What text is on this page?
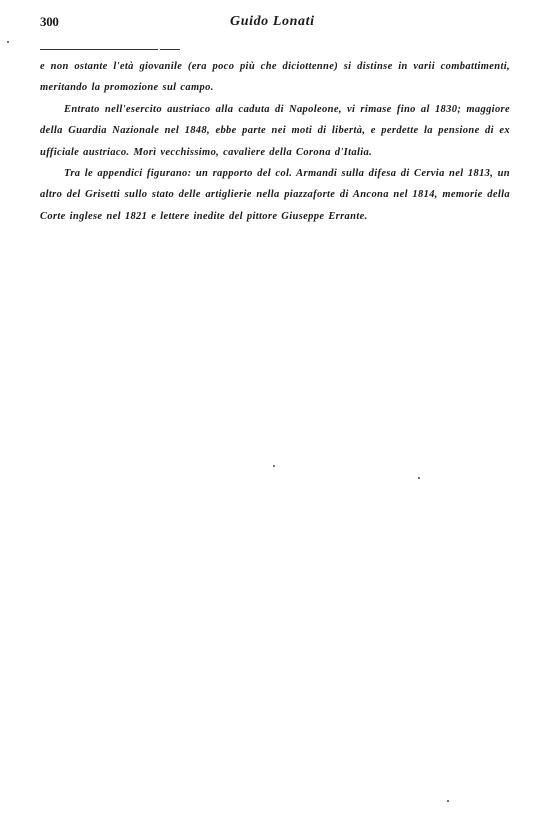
300	Guido Lonati

e non ostante l'età giovanile (era poco più che diciottenne) si distinse in varii combattimenti, meritando la promozione sul campo.

Entrato nell'esercito austriaco alla caduta di Napoleone, vi rimase fino al 1830; maggiore della Guardia Nazionale nel 1848, ebbe parte nei moti di libertà, e perdette la pensione di ex ufficiale austriaco. Morì vecchissimo, cavaliere della Corona d'Italia.

Tra le appendici figurano: un rapporto del col. Armandi sulla difesa di Cervia nel 1813, un altro del Grisetti sullo stato delle artiglierie nella piazzaforte di Ancona nel 1814, memorie della Corte inglese nel 1821 e lettere inedite del pittore Giuseppe Errante.
